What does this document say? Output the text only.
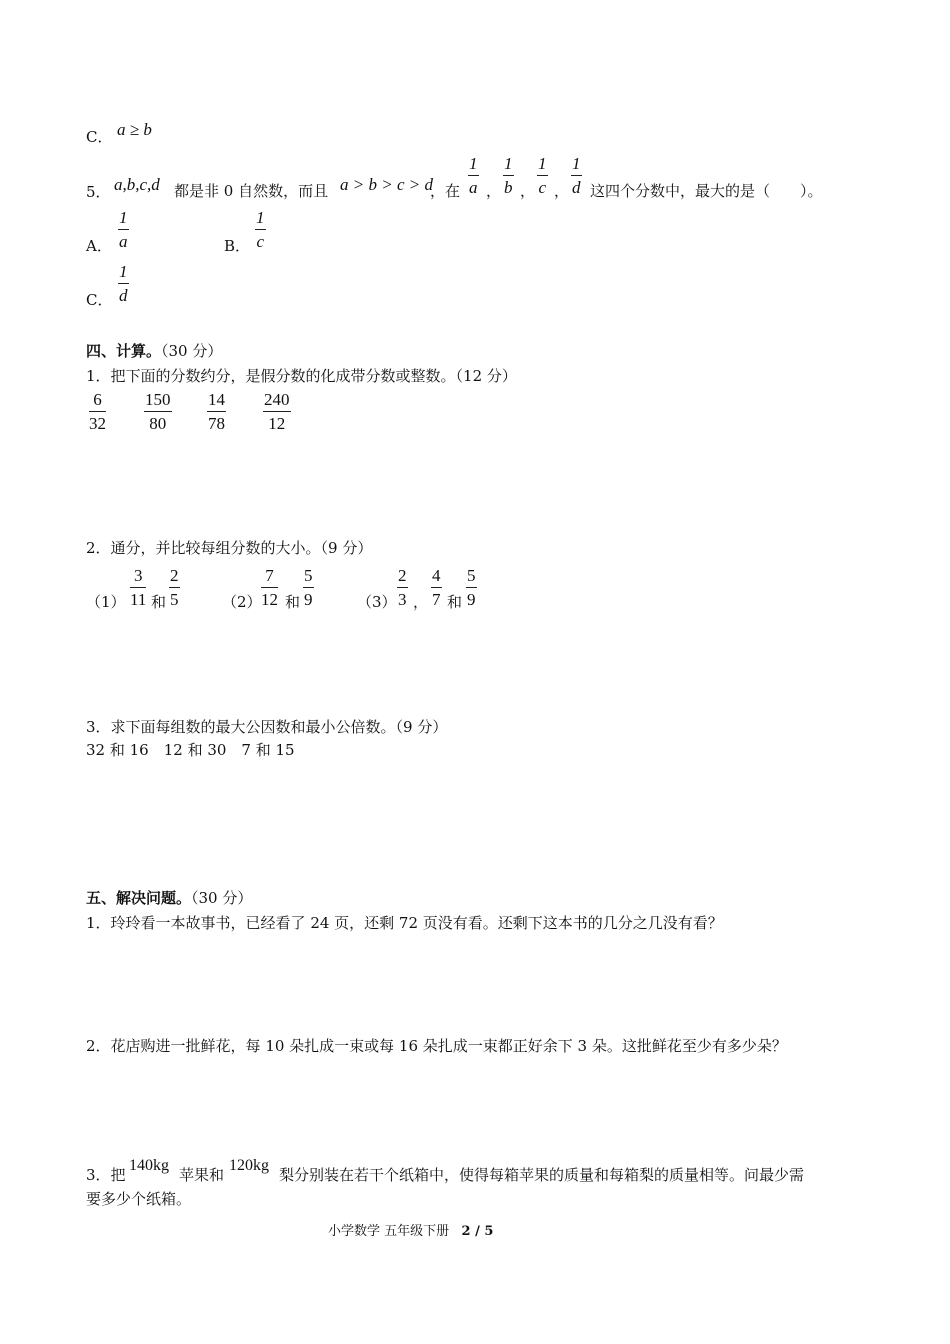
C． a ≥ b
5． a,b,c,d 都是非 0 自然数，而且 a > b > c > d
，在
1
a ，
1
b ，
1
c ，
1
d 这四个分数中，最大的是（　　）。
A．
1
a	B．
1
c
C．
1
d
四、计算。（30 分）
1．把下面的分数约分，是假分数的化成带分数或整数。（12 分）
6
32
150
80
14
78
240
12
2．通分，并比较每组分数的大小。（9 分）
（1）
3
11 和
2
5	（2）
7
12 和
5
9	（3）
2
3 ，
4
7 和
5
9
3．求下面每组数的最大公因数和最小公倍数。（9 分）
32 和 16　12 和 30　7 和 15
五、解决问题。（30 分）
1．玲玲看一本故事书，已经看了 24 页，还剩 72 页没有看。还剩下这本书的几分之几没有看？
2．花店购进一批鲜花，每 10 朵扎成一束或每 16 朵扎成一束都正好余下 3 朵。这批鲜花至少有多少朵？
3．把
140kg
苹果和
120kg
梨分别装在若干个纸箱中，使得每箱苹果的质量和每箱梨的质量相等。问最少需
要多少个纸箱。
小学数学 五年级下册 2 / 5
